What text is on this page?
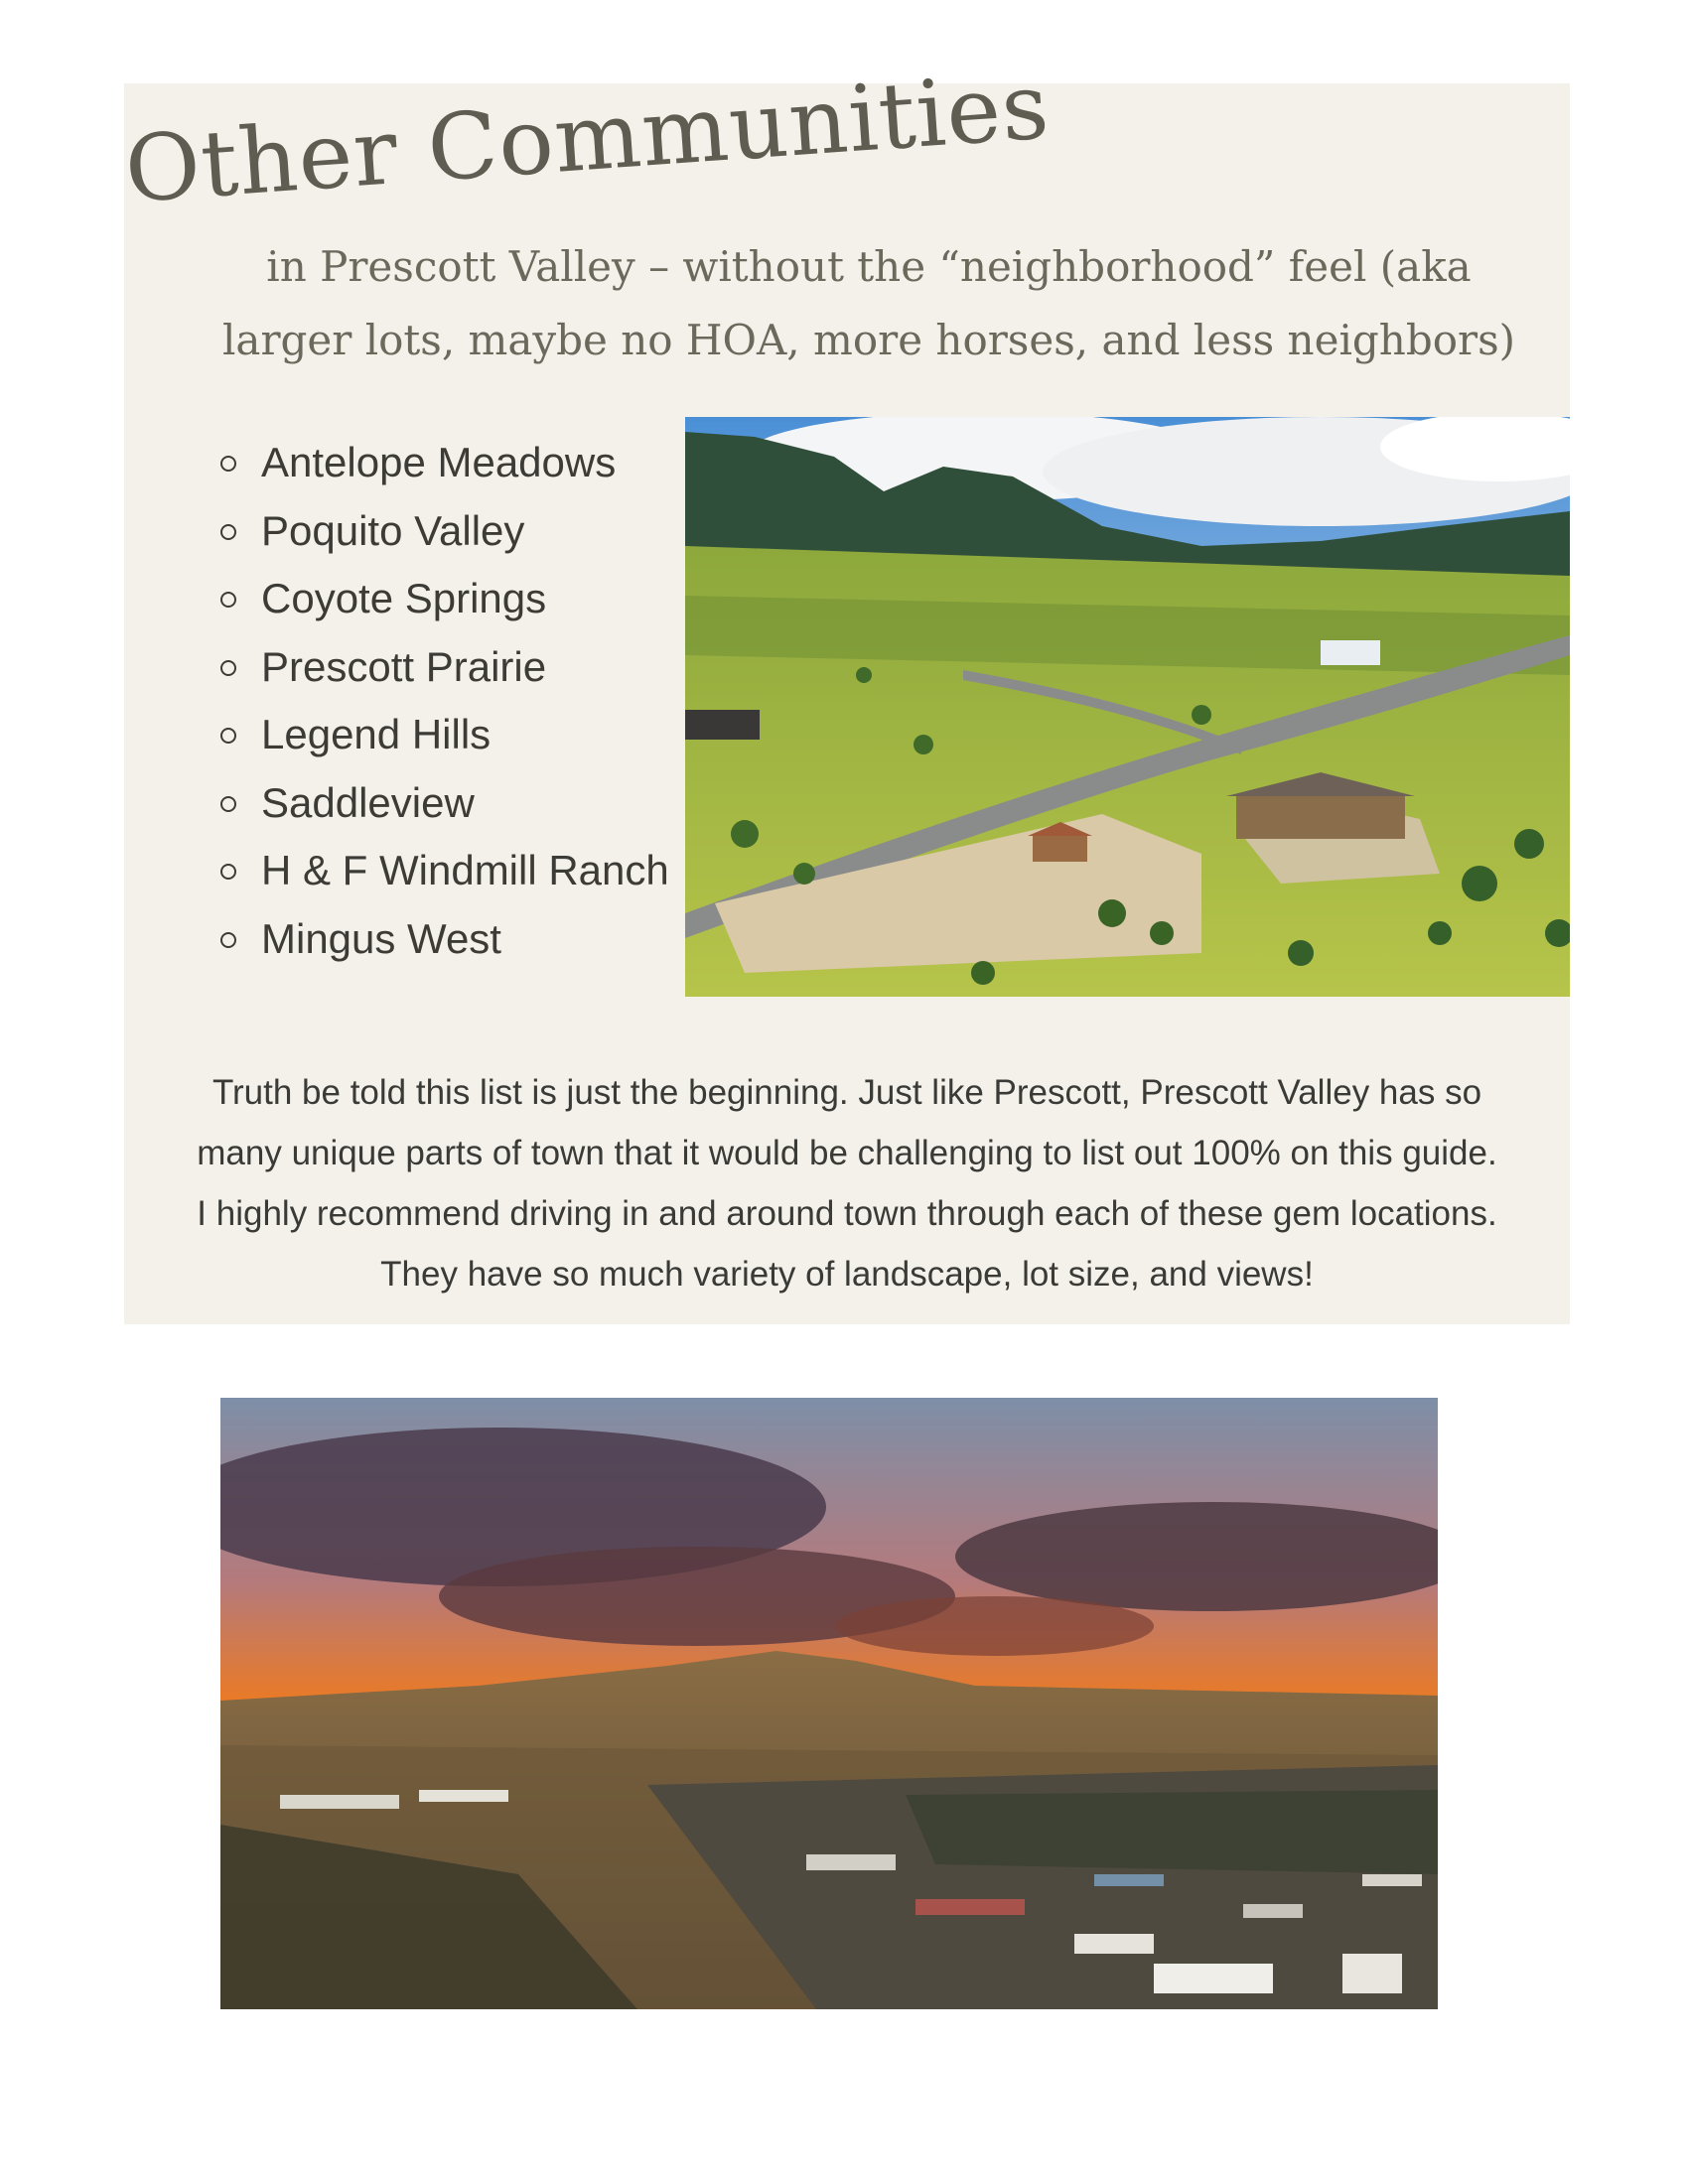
Other Communities

in Prescott Valley – without the “neighborhood” feel (aka
larger lots, maybe no HOA, more horses, and less neighbors)

Antelope Meadows
Poquito Valley
Coyote Springs
Prescott Prairie
Legend Hills
Saddleview
H & F Windmill Ranch
Mingus West

Truth be told this list is just the beginning. Just like Prescott, Prescott Valley has so
many unique parts of town that it would be challenging to list out 100% on this guide.
I highly recommend driving in and around town through each of these gem locations.
They have so much variety of landscape, lot size, and views!
